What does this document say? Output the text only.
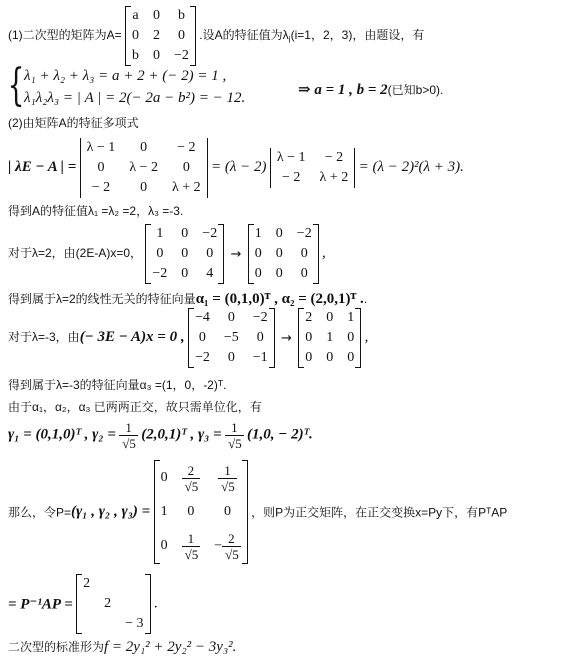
(1)二次型的矩阵为A=
a	0	b
0	2	0
b	0	−2
.设A的特征值为$\lambda_i(i=1$，2，3)，由题设，有
{ λ₁ + λ₂ + λ₃ = a + 2 + (− 2) = 1 ,
λ₁λ₂λ₃ = | A | = 2(− 2a − b²) = − 12.	⇒ a = 1 , b = 2(已知b>0).
(2)由矩阵A的特征多项式
| λE − A | =
λ − 1	0	− 2
0	λ − 2	0
− 2	0	λ + 2
= (λ − 2)
λ − 1	− 2
− 2	λ + 2
= (λ − 2)²(λ + 3).
得到A的特征值λ₁ =λ₂ =2，λ₃ =-3.
对于λ=2，由(2E-A)x=0，
1	0	−2
0	0	0
−2	0	4
→
1	0	−2
0	0	0
0	0	0
,
得到属于λ=2的线性无关的特征向量α₁ = (0,1,0)ᵀ , α₂ = (2,0,1)ᵀ ..
对于λ=-3，由(− 3E − A)x = 0 ,
−4	0	−2
0	−5	0
−2	0	−1
→
2	0	1
0	1	0
0	0	0
,
得到属于λ=-3的特征向量α₃ =(1，0，-2)ᵀ.
由于α₁，α₂，α₃ 已两两正交，故只需单位化，有
γ₁ = (0,1,0)ᵀ , $\gamma_2 = \frac{1}{√5}$ (2,0,1)ᵀ , $\gamma_3 = \frac{1}{√5} (1,0$, − 2)ᵀ.
那么，令P=(γ₁ , γ₂ , γ₃) =
0	$\frac{2}{√5}$	$\frac{1}{√5}$

1	0	0
0	$\frac{1}{√5}$	− $\frac{2}{√5}$
，则P为正交矩阵，在正交变换x=Py下，有PᵀAP
= P⁻¹AP =
2		
	2	
		− 3
.
二次型的标准形为f = 2y₁² + 2y₂² − 3y₃².
